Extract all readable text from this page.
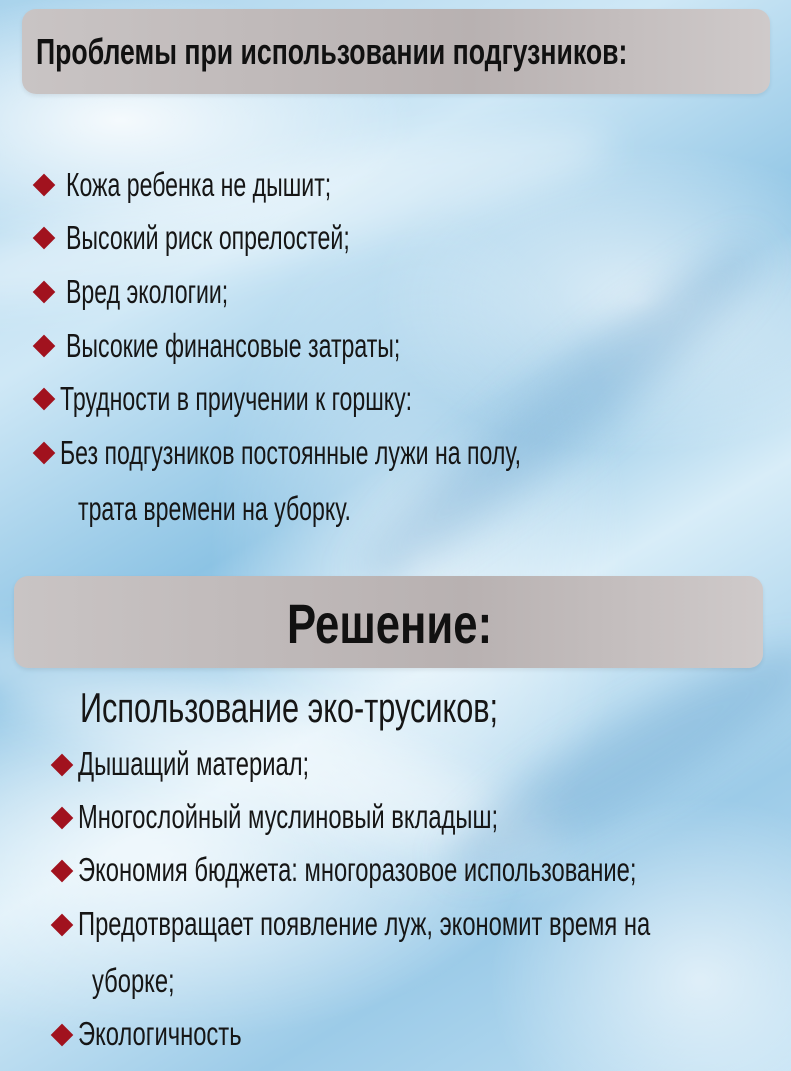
Проблемы при использовании подгузников:
Кожа ребенка не дышит;
Высокий риск опрелостей;
Вред экологии;
Высокие финансовые затраты;
Трудности в приучении к горшку:
Без подгузников постоянные лужи на полу,
трата времени на уборку.
Решение:
Использование эко-трусиков;
Дышащий материал;
Многослойный муслиновый вкладыш;
Экономия бюджета: многоразовое использование;
Предотвращает появление луж, экономит время на
уборке;
Экологичность
